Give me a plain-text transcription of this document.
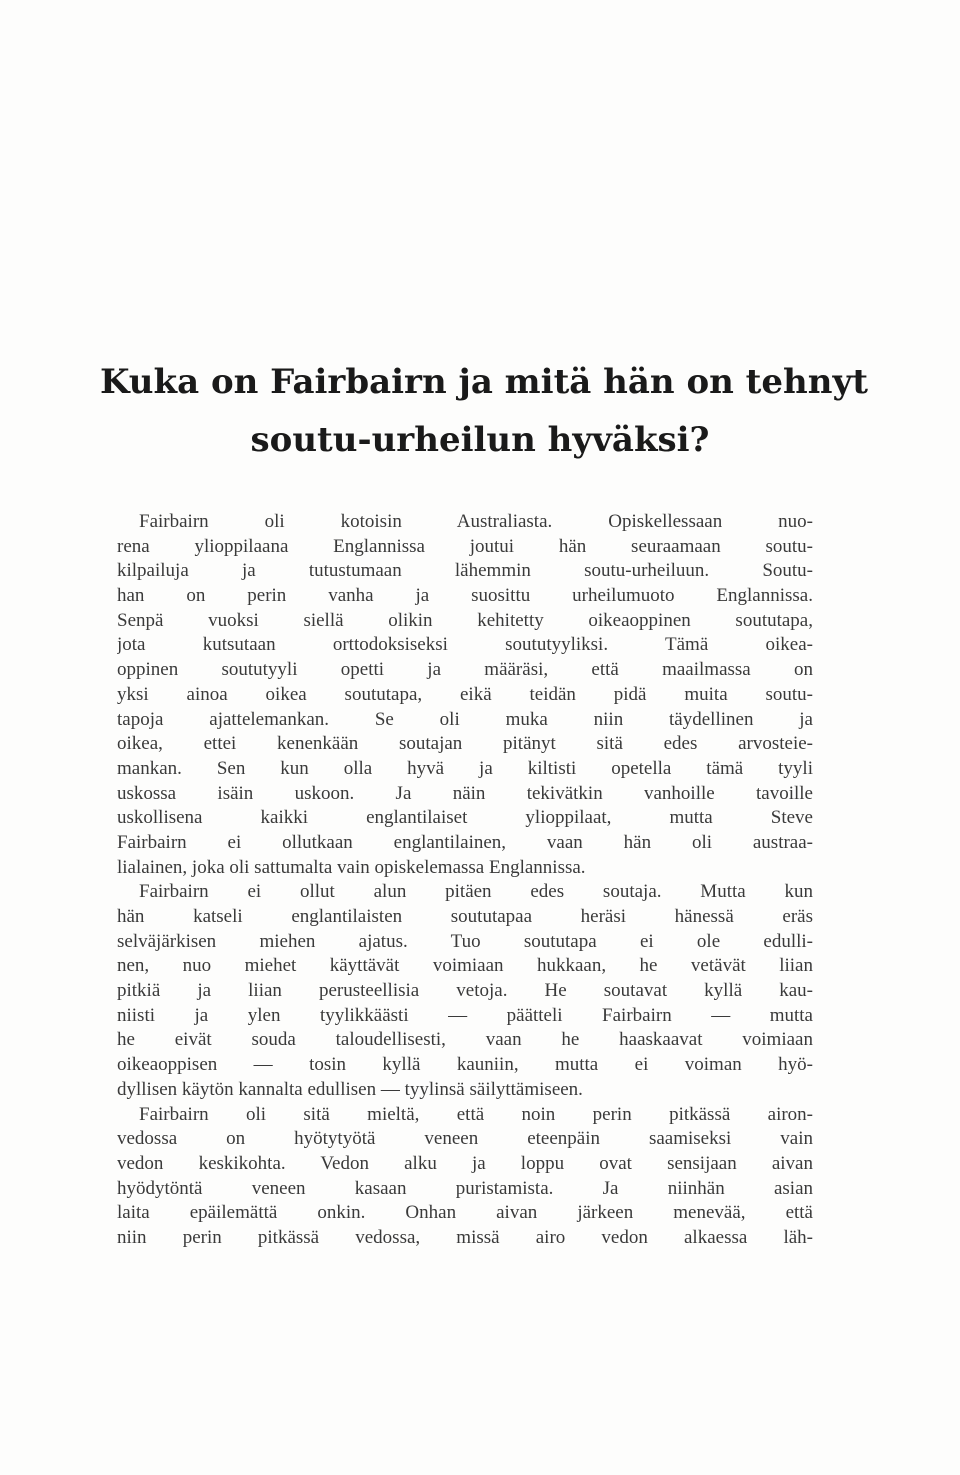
Kuka on Fairbairn ja mitä hän on tehnyt
soutu-urheilun hyväksi?
Fairbairn oli kotoisin Australiasta. Opiskellessaan nuo-
rena ylioppilaana Englannissa joutui hän seuraamaan soutu-
kilpailuja ja tutustumaan lähemmin soutu-urheiluun. Soutu-
han on perin vanha ja suosittu urheilumuoto Englannissa.
Senpä vuoksi siellä olikin kehitetty oikeaoppinen soututapa,
jota kutsutaan orttodoksiseksi soututyyliksi. Tämä oikea-
oppinen soututyyli opetti ja määräsi, että maailmassa on
yksi ainoa oikea soututapa, eikä teidän pidä muita soutu-
tapoja ajattelemankan. Se oli muka niin täydellinen ja
oikea, ettei kenenkään soutajan pitänyt sitä edes arvosteie-
mankan. Sen kun olla hyvä ja kiltisti opetella tämä tyyli
uskossa isäin uskoon. Ja näin tekivätkin vanhoille tavoille
uskollisena kaikki englantilaiset ylioppilaat, mutta Steve
Fairbairn ei ollutkaan englantilainen, vaan hän oli austraa-
lialainen, joka oli sattumalta vain opiskelemassa Englannissa.
Fairbairn ei ollut alun pitäen edes soutaja. Mutta kun
hän katseli englantilaisten soututapaa heräsi hänessä eräs
selväjärkisen miehen ajatus. Tuo soututapa ei ole edulli-
nen, nuo miehet käyttävät voimiaan hukkaan, he vetävät liian
pitkiä ja liian perusteellisia vetoja. He soutavat kyllä kau-
niisti ja ylen tyylikkäästi — päätteli Fairbairn — mutta
he eivät souda taloudellisesti, vaan he haaskaavat voimiaan
oikeaoppisen — tosin kyllä kauniin, mutta ei voiman hyö-
dyllisen käytön kannalta edullisen — tyylinsä säilyttämiseen.
Fairbairn oli sitä mieltä, että noin perin pitkässä airon-
vedossa on hyötytyötä veneen eteenpäin saamiseksi vain
vedon keskikohta. Vedon alku ja loppu ovat sensijaan aivan
hyödytöntä veneen kasaan puristamista. Ja niinhän asian
laita epäilemättä onkin. Onhan aivan järkeen menevää, että
niin perin pitkässä vedossa, missä airo vedon alkaessa läh-
